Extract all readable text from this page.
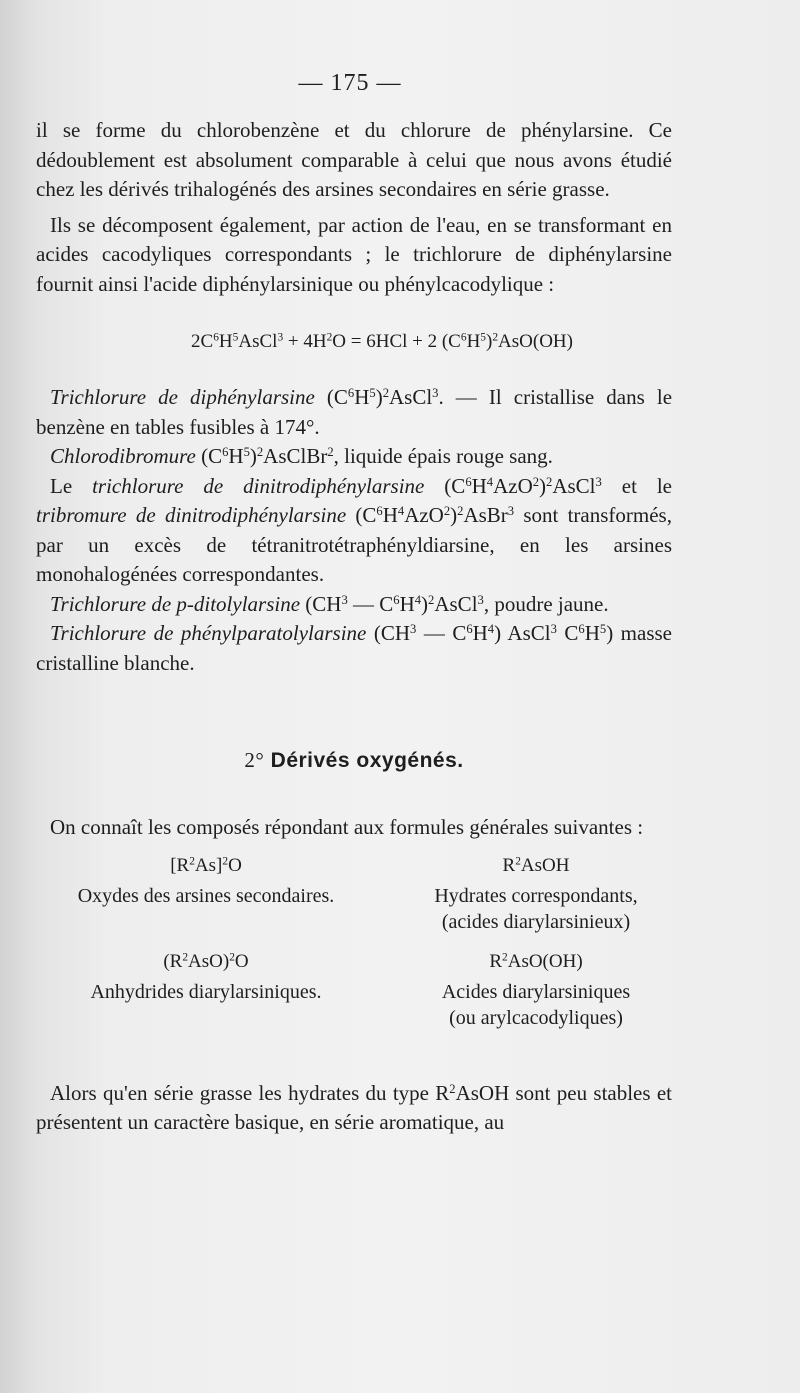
— 175 —

il se forme du chlorobenzène et du chlorure de phénylarsine. Ce dédoublement est absolument comparable à celui que nous avons étudié chez les dérivés trihalogénés des arsines secondaires en série grasse.

Ils se décomposent également, par action de l'eau, en se transformant en acides cacodyliques correspondants ; le trichlorure de diphénylarsine fournit ainsi l'acide diphénylarsinique ou phénylcacodylique :

$2C^6H^5AsCl^3 + 4H^2O = 6HCl + 2$ $(C^6H^5)^2AsO(OH)$

Trichlorure de diphénylarsine $(C^6H^5)^2AsCl^3$. — Il cristallise dans le benzène en tables fusibles à 174°.

Chlorodibromure $(C^6H^5)^2AsClBr^2$, liquide épais rouge sang.

Le trichlorure de dinitrodiphénylarsine $(C^6H^4AzO^2)^2AsCl^3$ et le tribromure de dinitrodiphénylarsine $(C^6H^4AzO^2)^2AsBr^3$ sont transformés, par un excès de tétranitrotétraphényldiarsine, en les arsines monohalogénées correspondantes.

Trichlorure de p-ditolylarsine ($CH^3$ — $C^6H^4)^2AsCl^3$, poudre jaune.

Trichlorure de phénylparatolylarsine ($CH^3$ — $C^6H^4$) AsCl$^3$ $C^6H^5$) masse cristalline blanche.

2° Dérivés oxygénés.

On connaît les composés répondant aux formules générales suivantes :

$[R^2As]^2O$
Oxydes des arsines secondaires.
$R^2AsOH$
Hydrates correspondants,
(acides diarylarsinieux)
$(R^2AsO)^2O$
Anhydrides diarylarsiniques.
$R^2AsO(OH)$
Acides diarylarsiniques
(ou arylcacodyliques)

Alors qu'en série grasse les hydrates du type $R^2AsOH$ sont peu stables et présentent un caractère basique, en série aromatique, au
